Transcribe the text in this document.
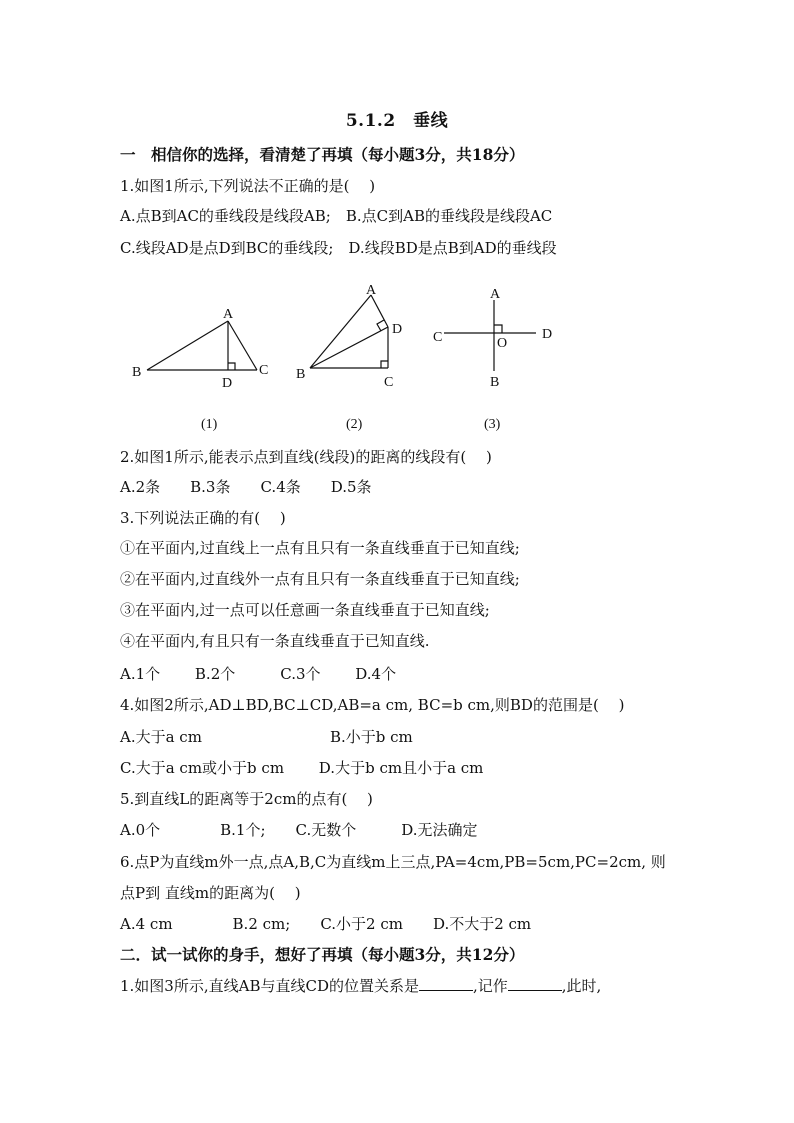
5.1.2　垂线
一　相信你的选择，看清楚了再填（每小题3分，共18分）
1.如图1所示,下列说法不正确的是(　 )
A.点B到AC的垂线段是线段AB;　B.点C到AB的垂线段是线段AC
C.线段AD是点D到BC的垂线段;　D.线段BD是点B到AD的垂线段
A
B	C
D
(1)
A
B
C
D
(2)
A
B
C	D
O
(3)
2.如图1所示,能表示点到直线(线段)的距离的线段有(　 )
A.2条　　B.3条　　C.4条　　D.5条
3.下列说法正确的有(　 )
①在平面内,过直线上一点有且只有一条直线垂直于已知直线;
②在平面内,过直线外一点有且只有一条直线垂直于已知直线;
③在平面内,过一点可以任意画一条直线垂直于已知直线;
④在平面内,有且只有一条直线垂直于已知直线.
A.1个　　 B.2个　　　C.3个　　 D.4个
4.如图2所示,AD⊥BD,BC⊥CD,AB=a cm, BC=b cm,则BD的范围是(　 )
A.大于a cm	B.小于b cm
C.大于a cm或小于b cm　　 D.大于b cm且小于a cm
5.到直线L的距离等于2cm的点有(　 )
A.0个　　　　B.1个;　　C.无数个　　　D.无法确定
6.点P为直线m外一点,点A,B,C为直线m上三点,PA=4cm,PB=5cm,PC=2cm, 则
点P到 直线m的距离为(　 )
A.4 cm　　　　B.2 cm;　　C.小于2 cm　　D.不大于2 cm
二．试一试你的身手，想好了再填（每小题3分，共12分）
1.如图3所示,直线AB与直线CD的位置关系是	,记作	,此时,
